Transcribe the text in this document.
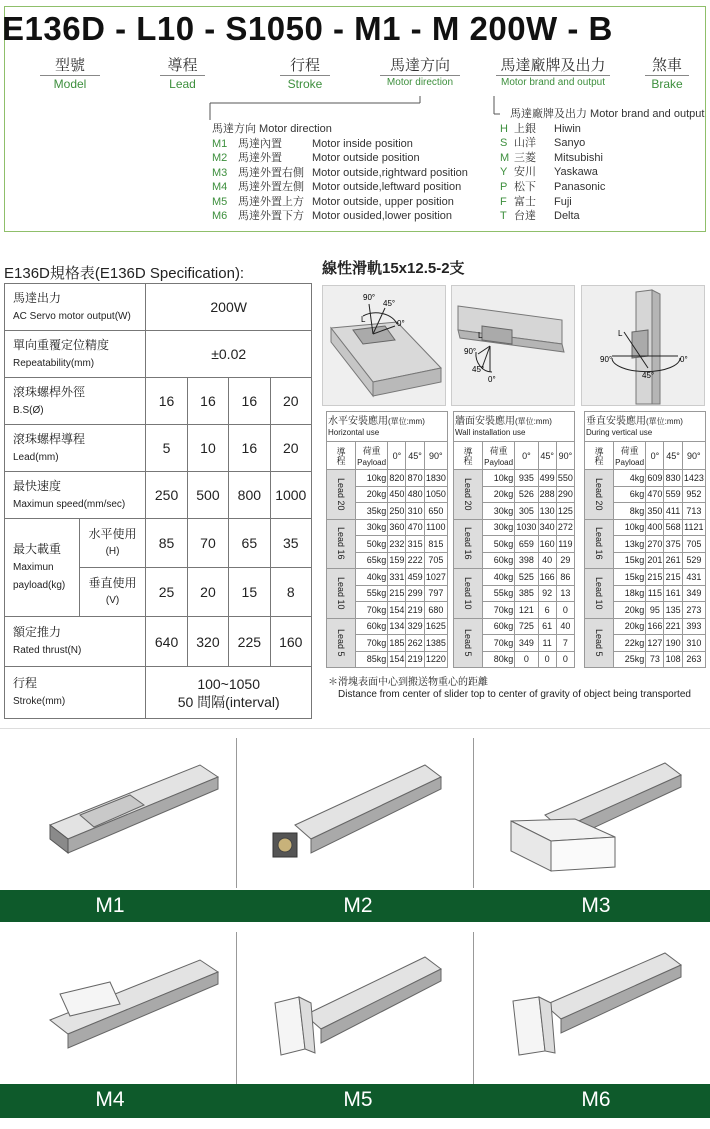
E136D - L10 - S1050 - M1 - M 200W - B
型號
Model
導程
Lead
行程
Stroke
馬達方向
Motor direction
馬達廠牌及出力
Motor brand and output
煞車
Brake
馬達方向 Motor direction
M1 馬達內置	Motor inside position
M2 馬達外置	Motor outside position
M3 馬達外置右側 Motor outside,rightward position
M4 馬達外置左側 Motor outside,leftward position
M5 馬達外置上方 Motor outside, upper position
M6 馬達外置下方 Motor ousided,lower position
馬達廠牌及出力 Motor brand and output
H 上銀 Hiwin
S 山洋 Sanyo
M 三菱 Mitsubishi
Y 安川 Yaskawa
P 松下 Panasonic
F 富士 Fuji
T 台達 Delta
E136D規格表(E136D Specification):
馬達出力
AC Servo motor output(W)		200W			
單向重覆定位精度
Repeatability(mm)		±0.02			
滾珠螺桿外徑
B.S(Ø)		16	16	16	20
滾珠螺桿導程
Lead(mm)		5	10	16	20
最快速度
Maximun speed(mm/sec)		250	500	800	1000
最大載重
Maximun
payload(kg)	水平使用
(H)	85	70	65	35
	垂直使用
(V)	25	20	15	8
額定推力
Rated thrust(N)		640	320	225	160
行程
Stroke(mm)		100~1050
50 間隔(interval)			
線性滑軌15x12.5-2支
90°
45°
0°
L
90°
45°
0°
L
90°
45°
0°
L
水平安裝應用(單位:mm)
Horizontal use				
導程	荷重
Payload	0°	45°	90°
Lead 20	10kg	820	870	1830
	20kg	450	480	1050
	35kg	250	310	650
Lead 16	30kg	360	470	1100
	50kg	232	315	815
	65kg	159	222	705
Lead 10	40kg	331	459	1027
	55kg	215	299	797
	70kg	154	219	680
Lead 5	60kg	134	329	1625
	70kg	185	262	1385
	85kg	154	219	1220
牆面安裝應用(單位:mm)
Wall installation use				
導程	荷重
Payload	0°	45°	90°
Lead 20	10kg	935	499	550
	20kg	526	288	290
	30kg	305	130	125
Lead 16	30kg	1030	340	272
	50kg	659	160	119
	60kg	398	40	29
Lead 10	40kg	525	166	86
	55kg	385	92	13
	70kg	121	6	0
Lead 5	60kg	725	61	40
	70kg	349	11	7
	80kg	0	0	0
垂直安裝應用(單位:mm)
During vertical use				
導程	荷重
Payload	0°	45°	90°
Lead 20	4kg	609	830	1423
	6kg	470	559	952
	8kg	350	411	713
Lead 16	10kg	400	568	1121
	13kg	270	375	705
	15kg	201	261	529
Lead 10	15kg	215	215	431
	18kg	115	161	349
	20kg	95	135	273
Lead 5	20kg	166	221	393
	22kg	127	190	310
	25kg	73	108	263
＊滑塊表面中心到搬送物重心的距離
Distance from center of slider top to center of gravity of object being transported
M1	M2	M3
M4	M5	M6
